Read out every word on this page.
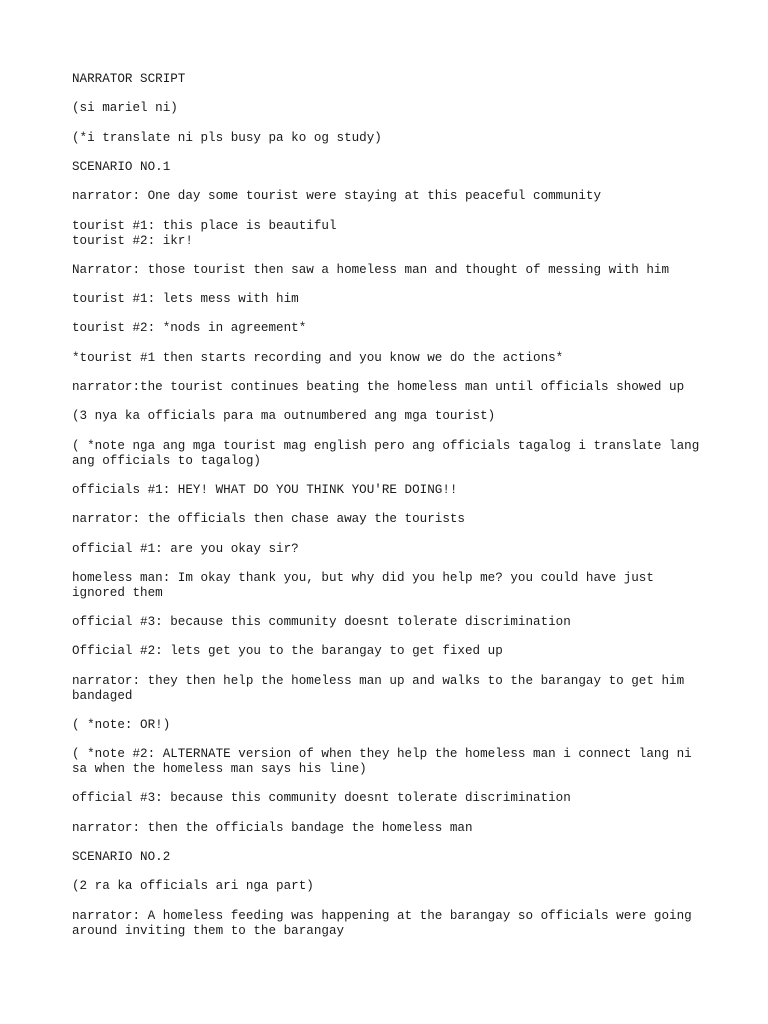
NARRATOR SCRIPT

(si mariel ni)

(*i translate ni pls busy pa ko og study)

SCENARIO NO.1

narrator: One day some tourist were staying at this peaceful community

tourist #1: this place is beautiful

tourist #2: ikr!

Narrator: those tourist then saw a homeless man and thought of messing with him

tourist #1: lets mess with him

tourist #2: *nods in agreement*

*tourist #1 then starts recording and you know we do the actions*

narrator:the tourist continues beating the homeless man until officials showed up

(3 nya ka officials para ma outnumbered ang mga tourist)

( *note nga ang mga tourist mag english pero ang officials tagalog i translate lang

ang officials to tagalog)

officials #1: HEY! WHAT DO YOU THINK YOU'RE DOING!!

narrator: the officials then chase away the tourists

official #1: are you okay sir?

homeless man: Im okay thank you, but why did you help me? you could have just

ignored them

official #3: because this community doesnt tolerate discrimination

Official #2: lets get you to the barangay to get fixed up

narrator: they then help the homeless man up and walks to the barangay to get him

bandaged

( *note: OR!)

( *note #2: ALTERNATE version of when they help the homeless man i connect lang ni

sa when the homeless man says his line)

official #3: because this community doesnt tolerate discrimination

narrator: then the officials bandage the homeless man

SCENARIO NO.2

(2 ra ka officials ari nga part)

narrator: A homeless feeding was happening at the barangay so officials were going

around inviting them to the barangay
